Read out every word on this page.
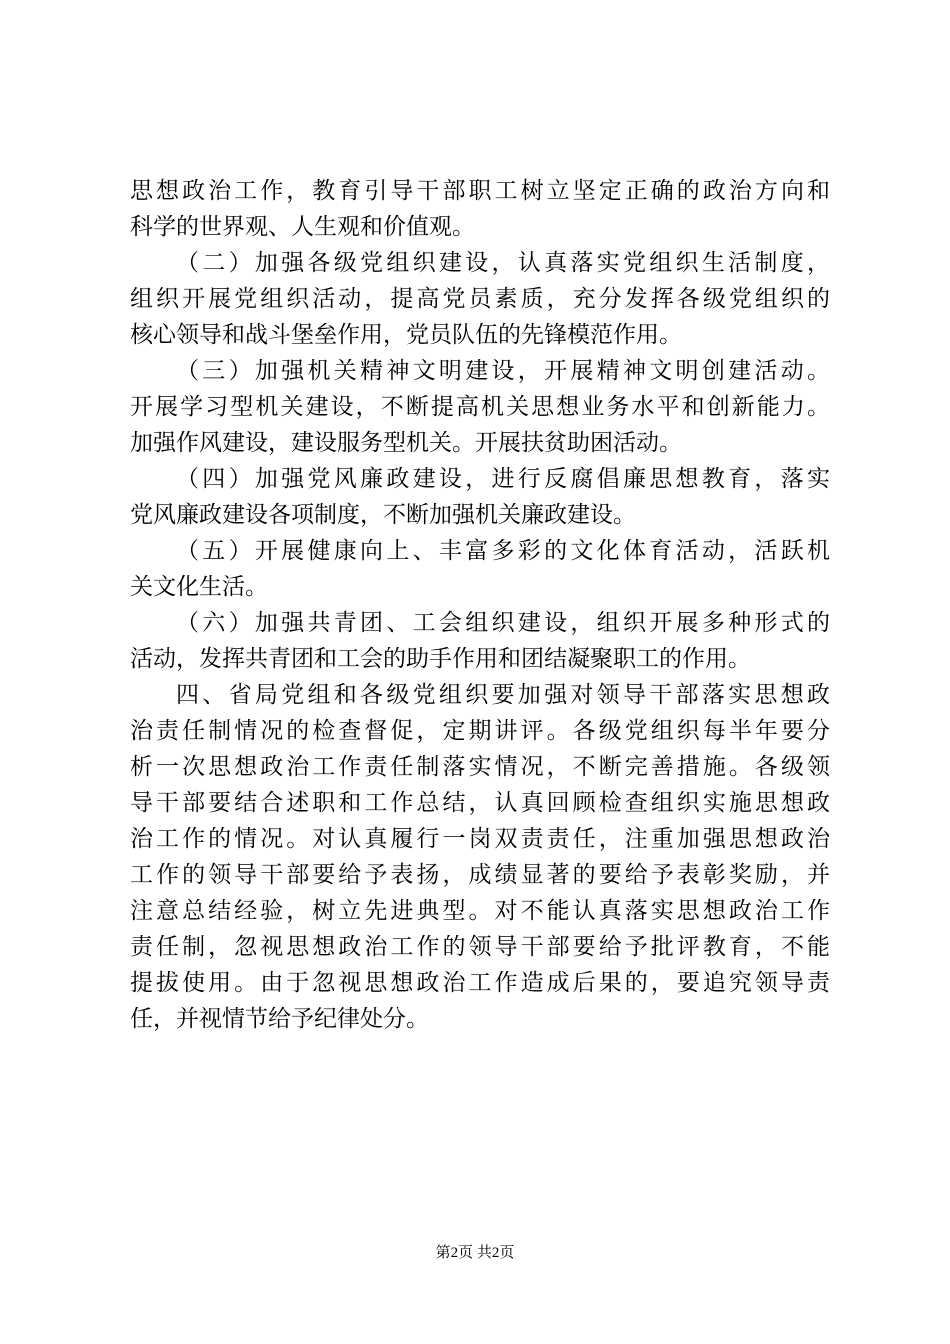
思想政治工作，教育引导干部职工树立坚定正确的政治方向和
科学的世界观、人生观和价值观。
（二）加强各级党组织建设，认真落实党组织生活制度，
组织开展党组织活动，提高党员素质，充分发挥各级党组织的
核心领导和战斗堡垒作用，党员队伍的先锋模范作用。
（三）加强机关精神文明建设，开展精神文明创建活动。
开展学习型机关建设，不断提高机关思想业务水平和创新能力。
加强作风建设，建设服务型机关。开展扶贫助困活动。
（四）加强党风廉政建设，进行反腐倡廉思想教育，落实
党风廉政建设各项制度，不断加强机关廉政建设。
（五）开展健康向上、丰富多彩的文化体育活动，活跃机
关文化生活。
（六）加强共青团、工会组织建设，组织开展多种形式的
活动，发挥共青团和工会的助手作用和团结凝聚职工的作用。
四、省局党组和各级党组织要加强对领导干部落实思想政
治责任制情况的检查督促，定期讲评。各级党组织每半年要分
析一次思想政治工作责任制落实情况，不断完善措施。各级领
导干部要结合述职和工作总结，认真回顾检查组织实施思想政
治工作的情况。对认真履行一岗双责责任，注重加强思想政治
工作的领导干部要给予表扬，成绩显著的要给予表彰奖励，并
注意总结经验，树立先进典型。对不能认真落实思想政治工作
责任制，忽视思想政治工作的领导干部要给予批评教育，不能
提拔使用。由于忽视思想政治工作造成后果的，要追究领导责
任，并视情节给予纪律处分。
第2页 共2页
